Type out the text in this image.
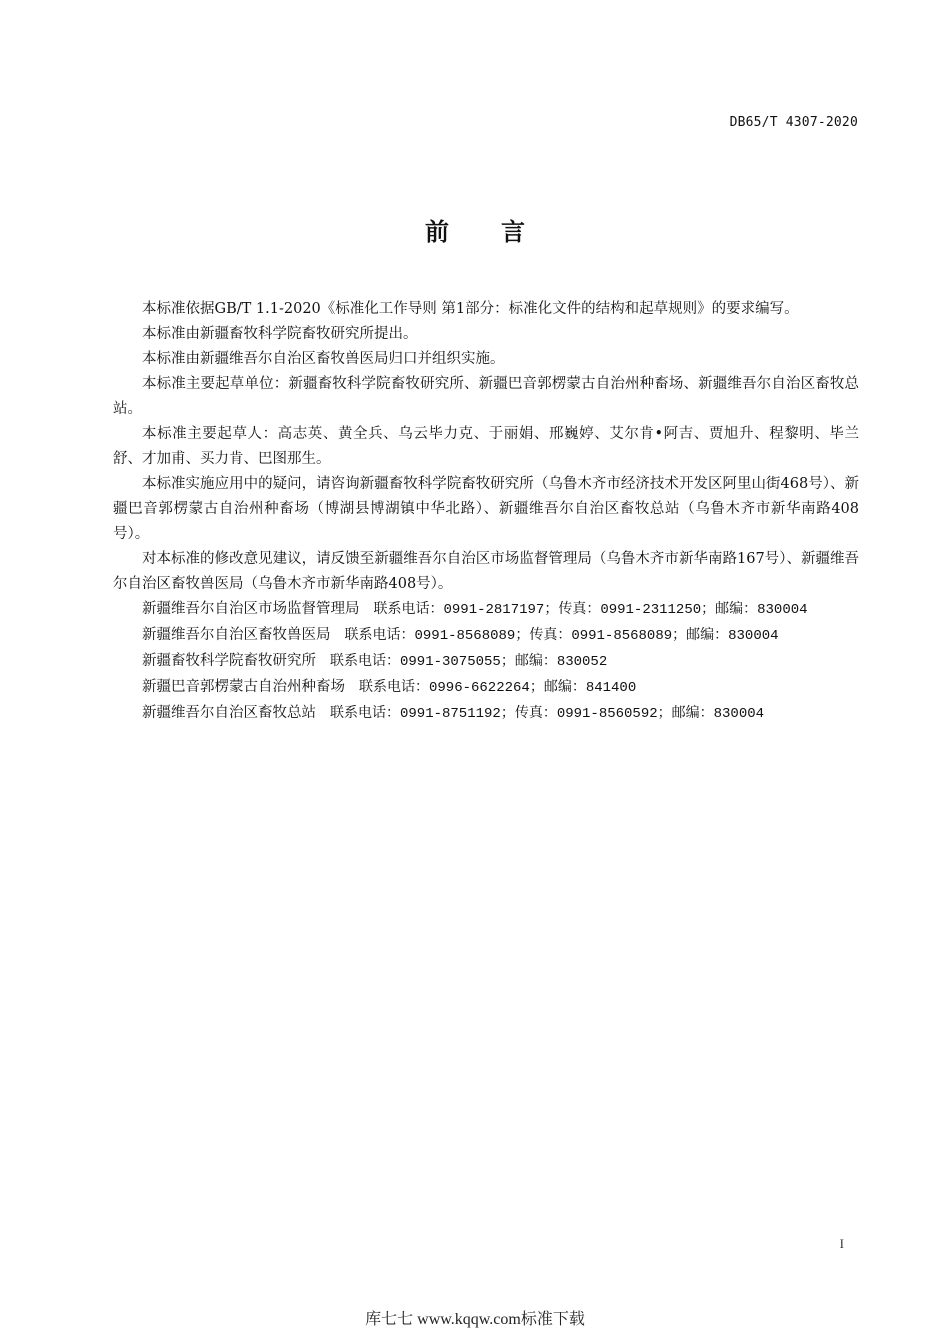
DB65/T 4307-2020
前言

本标准依据GB/T 1.1-2020《标准化工作导则 第1部分：标准化文件的结构和起草规则》的要求编写。

本标准由新疆畜牧科学院畜牧研究所提出。

本标准由新疆维吾尔自治区畜牧兽医局归口并组织实施。

本标准主要起草单位：新疆畜牧科学院畜牧研究所、新疆巴音郭楞蒙古自治州种畜场、新疆维吾尔自治区畜牧总站。

本标准主要起草人：高志英、黄全兵、乌云毕力克、于丽娟、邢巍婷、艾尔肯•阿吉、贾旭升、程黎明、毕兰舒、才加甫、买力肯、巴图那生。

本标准实施应用中的疑问，请咨询新疆畜牧科学院畜牧研究所（乌鲁木齐市经济技术开发区阿里山街468号）、新疆巴音郭楞蒙古自治州种畜场（博湖县博湖镇中华北路）、新疆维吾尔自治区畜牧总站（乌鲁木齐市新华南路408号）。

对本标准的修改意见建议，请反馈至新疆维吾尔自治区市场监督管理局（乌鲁木齐市新华南路167号）、新疆维吾尔自治区畜牧兽医局（乌鲁木齐市新华南路408号）。

新疆维吾尔自治区市场监督管理局 联系电话：0991-2817197；传真：0991-2311250；邮编：830004

新疆维吾尔自治区畜牧兽医局 联系电话：0991-8568089；传真：0991-8568089；邮编：830004

新疆畜牧科学院畜牧研究所 联系电话：0991-3075055；邮编：830052

新疆巴音郭楞蒙古自治州种畜场 联系电话：0996-6622264；邮编：841400

新疆维吾尔自治区畜牧总站 联系电话：0991-8751192；传真：0991-8560592；邮编：830004

I
库七七 www.kqqw.com标准下载
